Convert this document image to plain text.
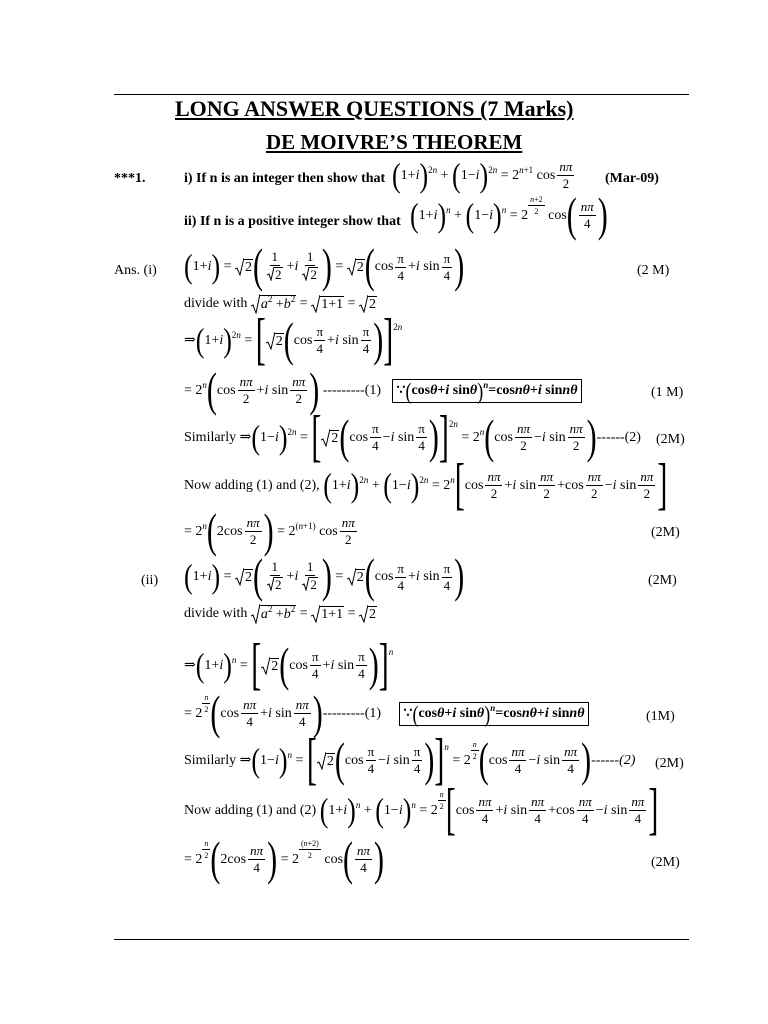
LONG ANSWER QUESTIONS (7 Marks)
DE MOIVRE’S THEOREM
***1.	i) If n is an integer then show that ( 1+ i )$^{2 n}$ + ( 1− i )$^{2 n}$ = 2 $^{n+1}$ $\cos \frac{n\pi}{2} (Mar-09)$
ii) If n is a positive integer show that ( 1+ i ) $^n$ + ( 1− i ) $^n$ = 2 $^{\frac{n+2}{2}}$ cos ( $\frac{n\pi}{4}$ )
Ans. (i) ( 1+ i ) = 2 ( $\frac{1}{2} + i \frac{1}{2}$ ) = 2 ( $\cos \frac{\pi}{4} + i$ $\sin \frac{\pi}{4}$ )	(2 M)
divide with
$a^2 +b^2 = 1+1 = 2$
⇒ ( 1+ i )$^{2 n}$ = [ 2 ( $\cos \frac{\pi}{4} + i$ $\sin \frac{\pi}{4}$ ) ]$^{2 n}$
= 2 $^n$ ( $\cos \frac{n\pi}{2} + i$ $\sin \frac{n\pi}{2}$ )
---------(1)
	∵ ( cos θ + i sin θ ) $^n$ =cos nθ + i sin nθ	(1 M)
Similarly ⇒ ( 1− i )$^{2 n}$ = [ 2 ( $\cos \frac{\pi}{4} - i$ $\sin \frac{\pi}{4}$ ) ]$^{2 n}$
= 2 $^n$ ( $\cos \frac{n\pi}{2} - i$ $\sin \frac{n\pi}{2}$ ) ------(2) (2M)
Now adding (1) and (2),
( 1+ i )$^{2 n}$ + ( 1− i )$^{2 n}$ = 2 $^n$ [ $\cos \frac{n\pi}{2} + i$ $\sin \frac{n\pi}{2} +\cos \frac{n\pi}{2} - i$ $\sin \frac{n\pi}{2}$ ]
= 2 $^n$ ( $2\cos \frac{n\pi}{2}$ ) = $2^{( n+1)}$ $\cos \frac{n\pi}{2}$	(2M)
(ii) ( 1+ i ) = 2 ( $\frac{1}{2} + i \frac{1}{2}$ ) = 2 ( $\cos \frac{\pi}{4} + i$ $\sin \frac{\pi}{4}$ )	(2M)
divide with
$a^2 +b^2 = 1+1 = 2$
⇒ ( 1+ i ) $^n$ = [ 2 ( $\cos \frac{\pi}{4} + i$ $\sin \frac{\pi}{4}$ ) ] $^n$
= 2 $^{\frac{n}{2}}$ ( $\cos \frac{n\pi}{4} + i$ $\sin \frac{n\pi}{4}$ ) ---------(1)
	∵ ( cos θ + i sin θ ) $^n$ =cos nθ + i sin nθ	(1M)
Similarly ⇒ ( 1− i ) $^n$ = [ 2 ( $\cos \frac{\pi}{4} - i$ $\sin \frac{\pi}{4}$ ) ] $^n$
= 2 $^{\frac{n}{2}}$ ( $\cos \frac{n\pi}{4} - i$ $\sin \frac{n\pi}{4}$ ) ------(2) (2M)
Now adding (1) and (2)
( 1+ i ) $^n$ + ( 1− i ) $^n$ = 2 $^{\frac{n}{2}}$ [ $\cos \frac{n\pi}{4} + i$ $\sin \frac{n\pi}{4} +\cos \frac{n\pi}{4} - i$ $\sin \frac{n\pi}{4}$ ]
= 2 $^{\frac{n}{2}}$ ( $2\cos \frac{n\pi}{4}$ ) = 2 $^{\frac{(n+2)}{2}}$ cos ( $\frac{n\pi}{4}$ )	(2M)
